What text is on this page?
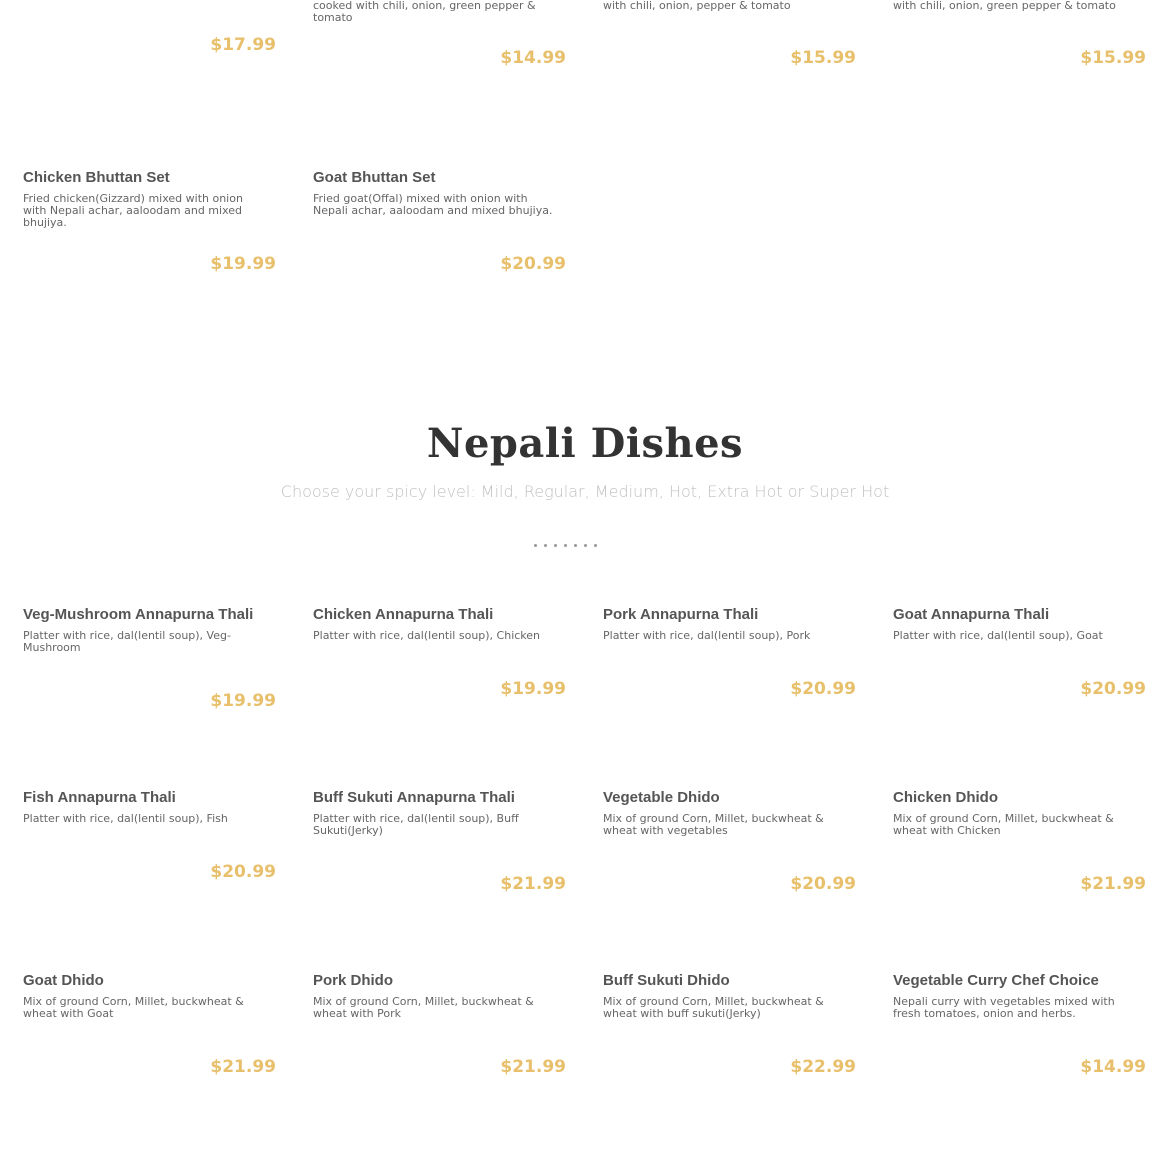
$17.99
cooked with chili, onion, green pepper & tomato
$14.99
with chili, onion, pepper & tomato
$15.99
with chili, onion, green pepper & tomato
$15.99
Chicken Bhuttan Set
Fried chicken(Gizzard) mixed with onion with Nepali achar, aaloodam and mixed bhujiya.
$19.99
Goat Bhuttan Set
Fried goat(Offal) mixed with onion with Nepali achar, aaloodam and mixed bhujiya.
$20.99
Nepali Dishes
Choose your spicy level: Mild, Regular, Medium, Hot, Extra Hot or Super Hot
Veg-Mushroom Annapurna Thali
Platter with rice, dal(lentil soup), Veg-Mushroom
$19.99
Chicken Annapurna Thali
Platter with rice, dal(lentil soup), Chicken
$19.99
Pork Annapurna Thali
Platter with rice, dal(lentil soup), Pork
$20.99
Goat Annapurna Thali
Platter with rice, dal(lentil soup), Goat
$20.99
Fish Annapurna Thali
Platter with rice, dal(lentil soup), Fish
$20.99
Buff Sukuti Annapurna Thali
Platter with rice, dal(lentil soup), Buff Sukuti(Jerky)
$21.99
Vegetable Dhido
Mix of ground Corn, Millet, buckwheat & wheat with vegetables
$20.99
Chicken Dhido
Mix of ground Corn, Millet, buckwheat & wheat with Chicken
$21.99
Goat Dhido
Mix of ground Corn, Millet, buckwheat & wheat with Goat
$21.99
Pork Dhido
Mix of ground Corn, Millet, buckwheat & wheat with Pork
$21.99
Buff Sukuti Dhido
Mix of ground Corn, Millet, buckwheat & wheat with buff sukuti(Jerky)
$22.99
Vegetable Curry Chef Choice
Nepali curry with vegetables mixed with fresh tomatoes, onion and herbs.
$14.99
